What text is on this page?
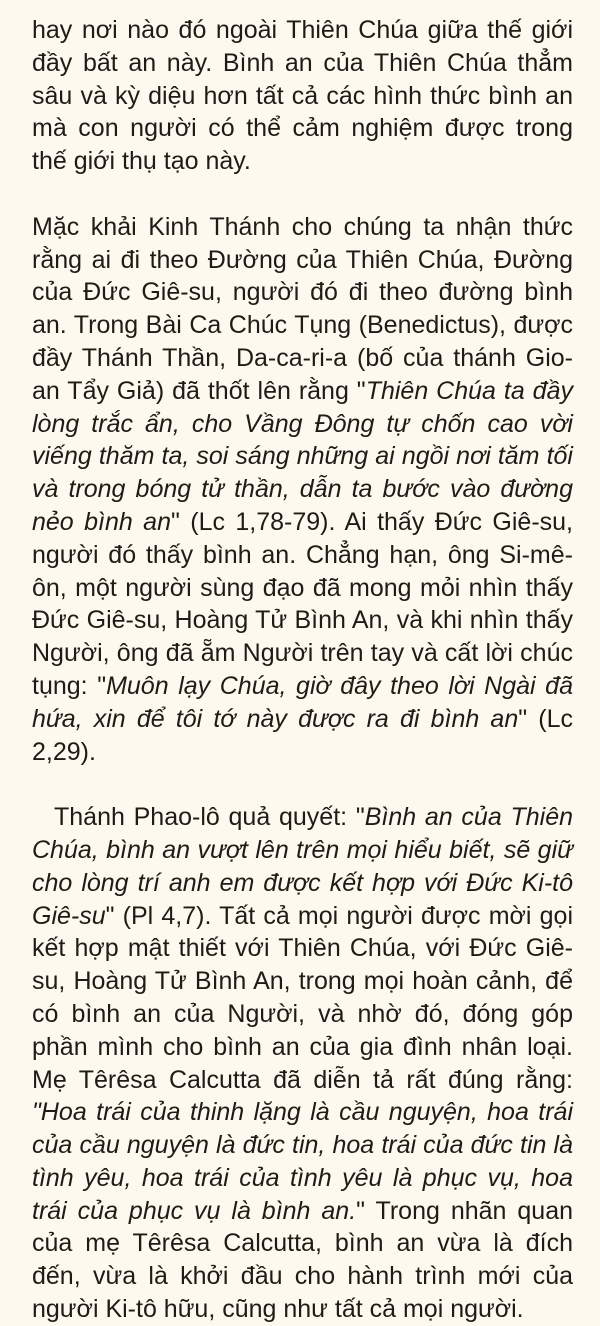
hay nơi nào đó ngoài Thiên Chúa giữa thế giới đầy bất an này. Bình an của Thiên Chúa thẳm sâu và kỳ diệu hơn tất cả các hình thức bình an mà con người có thể cảm nghiệm được trong thế giới thụ tạo này.

Mặc khải Kinh Thánh cho chúng ta nhận thức rằng ai đi theo Đường của Thiên Chúa, Đường của Đức Giê-su, người đó đi theo đường bình an. Trong Bài Ca Chúc Tụng (Benedictus), được đầy Thánh Thần, Da-ca-ri-a (bố của thánh Gio-an Tẩy Giả) đã thốt lên rằng "Thiên Chúa ta đầy lòng trắc ẩn, cho Vầng Đông tự chốn cao vời viếng thăm ta, soi sáng những ai ngồi nơi tăm tối và trong bóng tử thần, dẫn ta bước vào đường nẻo bình an" (Lc 1,78-79). Ai thấy Đức Giê-su, người đó thấy bình an. Chẳng hạn, ông Si-mê-ôn, một người sùng đạo đã mong mỏi nhìn thấy Đức Giê-su, Hoàng Tử Bình An, và khi nhìn thấy Người, ông đã ẵm Người trên tay và cất lời chúc tụng: "Muôn lạy Chúa, giờ đây theo lời Ngài đã hứa, xin để tôi tớ này được ra đi bình an" (Lc 2,29).

Thánh Phao-lô quả quyết: "Bình an của Thiên Chúa, bình an vượt lên trên mọi hiểu biết, sẽ giữ cho lòng trí anh em được kết hợp với Đức Ki-tô Giê-su" (Pl 4,7). Tất cả mọi người được mời gọi kết hợp mật thiết với Thiên Chúa, với Đức Giê-su, Hoàng Tử Bình An, trong mọi hoàn cảnh, để có bình an của Người, và nhờ đó, đóng góp phần mình cho bình an của gia đình nhân loại. Mẹ Têrêsa Calcutta đã diễn tả rất đúng rằng: "Hoa trái của thinh lặng là cầu nguyện, hoa trái của cầu nguyện là đức tin, hoa trái của đức tin là tình yêu, hoa trái của tình yêu là phục vụ, hoa trái của phục vụ là bình an." Trong nhãn quan của mẹ Têrêsa Calcutta, bình an vừa là đích đến, vừa là khởi đầu cho hành trình mới của người Ki-tô hữu, cũng như tất cả mọi người.
